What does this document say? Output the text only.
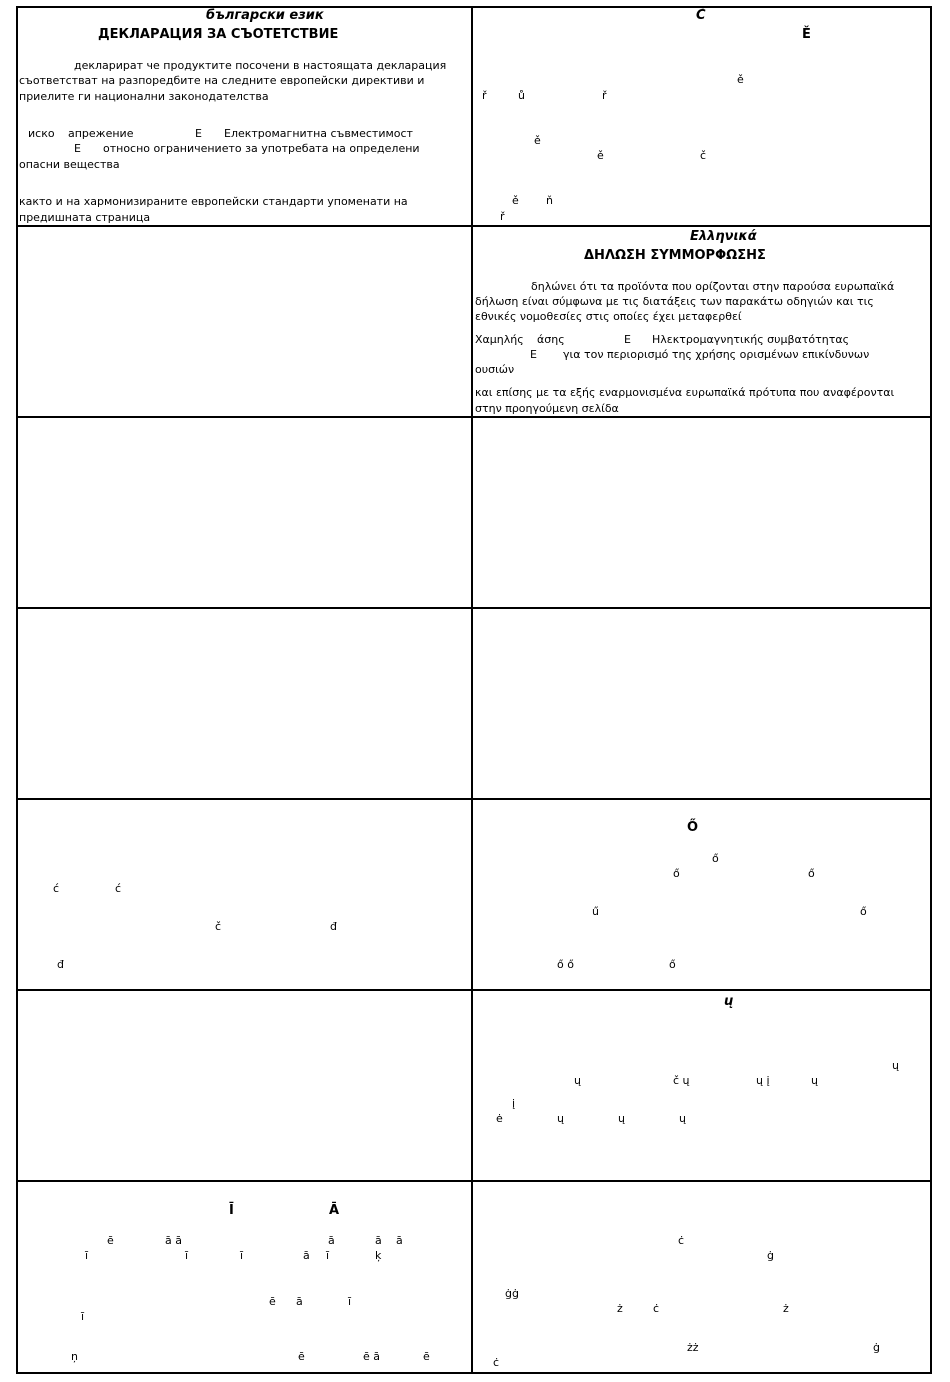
български език
ДЕКЛАРАЦИЯ ЗА СЪОТЕТСТВИЕ
декларират че продуктите посочени в настоящата декларация
съответстват на разпоредбите на следните европейски директиви и
приелите ги национални законодателства
иско апрежение	Е Електромагнитна съвместимост
Е относно ограничението за употребата на определени
опасни вещества
както и на хармонизираните европейски стандарти упоменати на
предишната страница
Č
Ě
ě
ř	ů	ř
ě
ě	č
ě ň
ř
Ελληνικά
ΔΗΛΩΣΗ ΣΥΜΜΟΡΦΩΣΗΣ
δηλώνει ότι τα προϊόντα που ορίζονται στην παρούσα ευρωπαϊκά
δήλωση είναι σύμφωνα με τις διατάξεις των παρακάτω οδηγιών και τις
εθνικές νομοθεσίες στις οποίες έχει μεταφερθεί
Χαμηλής άσης	Ε Ηλεκτρομαγνητικής συμβατότητας
Ε για τον περιορισμό της χρήσης ορισμένων επικίνδυνων
ουσιών
και επίσης με τα εξής εναρμονισμένα ευρωπαϊκά πρότυπα που αναφέρονται
στην προηγούμενη σελίδα
ć	ć
č	đ
đ
Ő
ő
ő	ő
ű	ő
ő ő	ő
ų
ų
ų	č ų	ų į	ų
į
ė	ų	ų	ų
Ī	Ā
ē	ā ā	ā	ā ā
ī	ī	ī	ā ī	ķ
ē ā	ī
ī
ņ	ē	ē ā	ē
ċ
ġ
ġġ
ż	ċ	ż
żż	ġ
ċ
